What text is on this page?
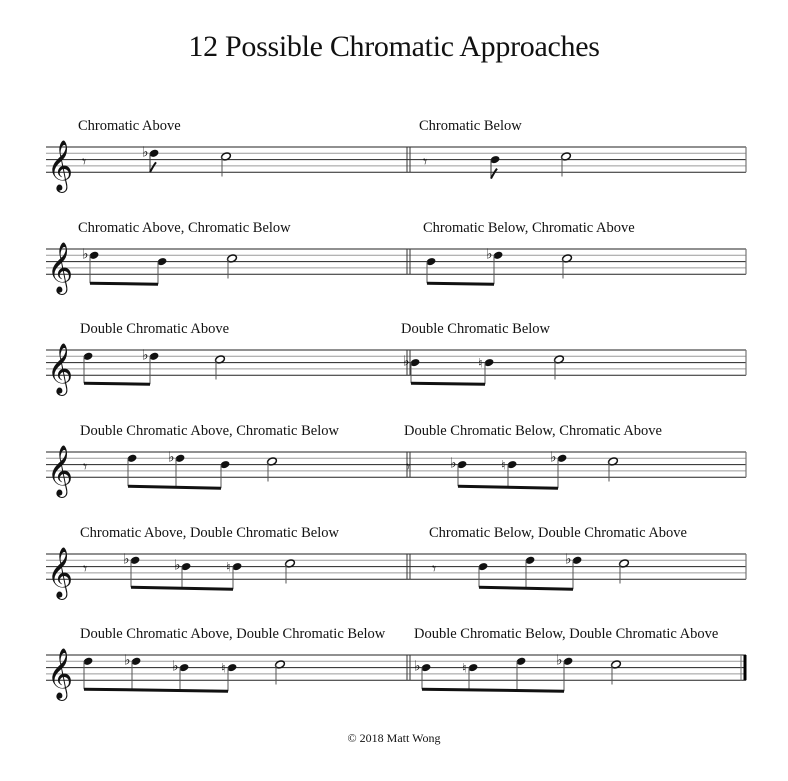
12 Possible Chromatic Approaches
Chromatic Above	Chromatic Below
Chromatic Above, Chromatic Below	Chromatic Below, Chromatic Above
Double Chromatic Above	Double Chromatic Below
Double Chromatic Above, Chromatic Below	Double Chromatic Below, Chromatic Above
Chromatic Above, Double Chromatic Below	Chromatic Below, Double Chromatic Above
Double Chromatic Above, Double Chromatic Below Double Chromatic Below, Double Chromatic Above
𝄞
𝄞
𝄞
𝄞
𝄞
𝄞
𝄾	♭	𝄾
♭	♭
♭	♭	♮
𝄾	♭	𝄾	♭	♮
♭
𝄾	♭	♭	♮	𝄾	♭
♭	♭	♮	♭	♮
♭
© 2018 Matt Wong
